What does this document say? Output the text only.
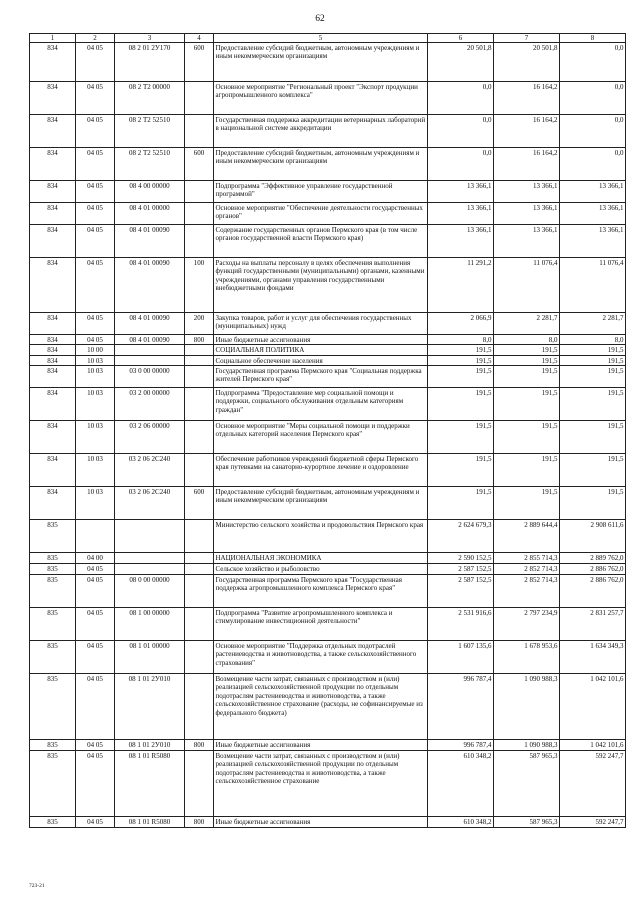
62
1	2	3	4	5	6	7	8
834	04 05	08 2 01 2У170	600	Предоставление субсидий бюджетным, автономным учреждениям и иным некоммерческим организациям	20 501,8	20 501,8	0,0
834	04 05	08 2 Т2 00000		Основное мероприятие "Региональный проект "Экспорт продукции агропромышленного комплекса"	0,0	16 164,2	0,0
834	04 05	08 2 Т2 52510		Государственная поддержка аккредитации ветеринарных лабораторий в национальной системе аккредитации	0,0	16 164,2	0,0
834	04 05	08 2 Т2 52510	600	Предоставление субсидий бюджетным, автономным учреждениям и иным некоммерческим организациям	0,0	16 164,2	0,0
834	04 05	08 4 00 00000		Подпрограмма "Эффективное управление государственной программой"	13 366,1	13 366,1	13 366,1
834	04 05	08 4 01 00000		Основное мероприятие "Обеспечение деятельности государственных органов"	13 366,1	13 366,1	13 366,1
834	04 05	08 4 01 00090		Содержание государственных органов Пермского края (в том числе органов государственной власти Пермского края)	13 366,1	13 366,1	13 366,1
834	04 05	08 4 01 00090	100	Расходы на выплаты персоналу в целях обеспечения выполнения функций государственными (муниципальными) органами, казенными учреждениями, органами управления государственными внебюджетными фондами	11 291,2	11 076,4	11 076,4
834	04 05	08 4 01 00090	200	Закупка товаров, работ и услуг для обеспечения государственных (муниципальных) нужд	2 066,9	2 281,7	2 281,7
834	04 05	08 4 01 00090	800	Иные бюджетные ассигнования	8,0	8,0	8,0
834	10 00			СОЦИАЛЬНАЯ ПОЛИТИКА	191,5	191,5	191,5
834	10 03			Социальное обеспечение населения	191,5	191,5	191,5
834	10 03	03 0 00 00000		Государственная программа Пермского края "Социальная поддержка жителей Пермского края"	191,5	191,5	191,5
834	10 03	03 2 00 00000		Подпрограмма "Предоставление мер социальной помощи и поддержки, социального обслуживания отдельным категориям граждан"	191,5	191,5	191,5
834	10 03	03 2 06 00000		Основное мероприятие "Меры социальной помощи и поддержки отдельных категорий населения Пермского края"	191,5	191,5	191,5
834	10 03	03 2 06 2С240		Обеспечение работников учреждений бюджетной сферы Пермского края путевками на санаторно-курортное лечение и оздоровление	191,5	191,5	191,5
834	10 03	03 2 06 2С240	600	Предоставление субсидий бюджетным, автономным учреждениям и иным некоммерческим организациям	191,5	191,5	191,5
835				Министерство сельского хозяйства и продовольствия Пермского края	2 624 679,3	2 889 644,4	2 908 611,6
835	04 00			НАЦИОНАЛЬНАЯ ЭКОНОМИКА	2 590 152,5	2 855 714,3	2 889 762,0
835	04 05			Сельское хозяйство и рыболовство	2 587 152,5	2 852 714,3	2 886 762,0
835	04 05	08 0 00 00000		Государственная программа Пермского края "Государственная поддержка агропромышленного комплекса Пермского края"	2 587 152,5	2 852 714,3	2 886 762,0
835	04 05	08 1 00 00000		Подпрограмма "Развитие агропромышленного комплекса и стимулирование инвестиционной деятельности"	2 531 916,6	2 797 234,9	2 831 257,7
835	04 05	08 1 01 00000		Основное мероприятие "Поддержка отдельных подотраслей растениеводства и животноводства, а также сельскохозяйственного страхования"	1 607 135,6	1 678 953,6	1 634 349,3
835	04 05	08 1 01 2У010		Возмещение части затрат, связанных с производством и (или) реализацией сельскохозяйственной продукции по отдельным подотраслям растениеводства и животноводства, а также сельскохозяйственное страхование (расходы, не софинансируемые из федерального бюджета)	996 787,4	1 090 988,3	1 042 101,6
835	04 05	08 1 01 2У010	800	Иные бюджетные ассигнования	996 787,4	1 090 988,3	1 042 101,6
835	04 05	08 1 01 R5080		Возмещение части затрат, связанных с производством и (или) реализацией сельскохозяйственной продукции по отдельным подотраслям растениеводства и животноводства, а также сельскохозяйственное страхование	610 348,2	587 965,3	592 247,7
835	04 05	08 1 01 R5080	800	Иные бюджетные ассигнования	610 348,2	587 965,3	592 247,7
723-21
